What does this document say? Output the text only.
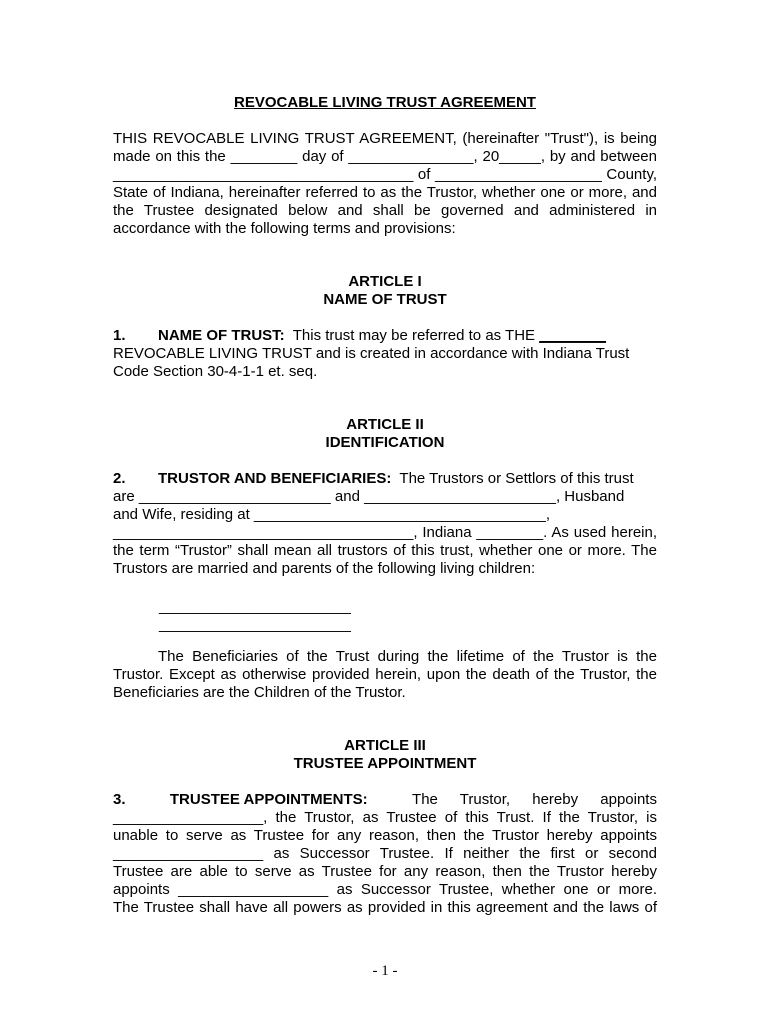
REVOCABLE LIVING TRUST AGREEMENT
THIS REVOCABLE LIVING TRUST AGREEMENT, (hereinafter "Trust"), is being
made on this the ________ day of _______________, 20_____, by and between
____________________________________ of ____________________ County,
State of Indiana, hereinafter referred to as the Trustor, whether one or more, and
the Trustee designated below and shall be governed and administered in
accordance with the following terms and provisions:
ARTICLE I
NAME OF TRUST
1. NAME OF TRUST: This trust may be referred to as THE ________
REVOCABLE LIVING TRUST and is created in accordance with Indiana Trust
Code Section 30-4-1-1 et. seq.
ARTICLE II
IDENTIFICATION
2. TRUSTOR AND BENEFICIARIES: The Trustors or Settlors of this trust
are _______________________ and _______________________, Husband
and Wife, residing at ___________________________________,
____________________________________, Indiana ________. As used herein,
the term “Trustor” shall mean all trustors of this trust, whether one or more. The
Trustors are married and parents of the following living children:
_______________________
_______________________
The Beneficiaries of the Trust during the lifetime of the Trustor is the
Trustor. Except as otherwise provided herein, upon the death of the Trustor, the
Beneficiaries are the Children of the Trustor.
ARTICLE III
TRUSTEE APPOINTMENT
3.	TRUSTEE APPOINTMENTS:	The Trustor, hereby appoints
__________________, the Trustor, as Trustee of this Trust. If the Trustor, is
unable to serve as Trustee for any reason, then the Trustor hereby appoints
__________________ as Successor Trustee. If neither the first or second
Trustee are able to serve as Trustee for any reason, then the Trustor hereby
appoints __________________ as Successor Trustee, whether one or more.
The Trustee shall have all powers as provided in this agreement and the laws of
- 1 -
